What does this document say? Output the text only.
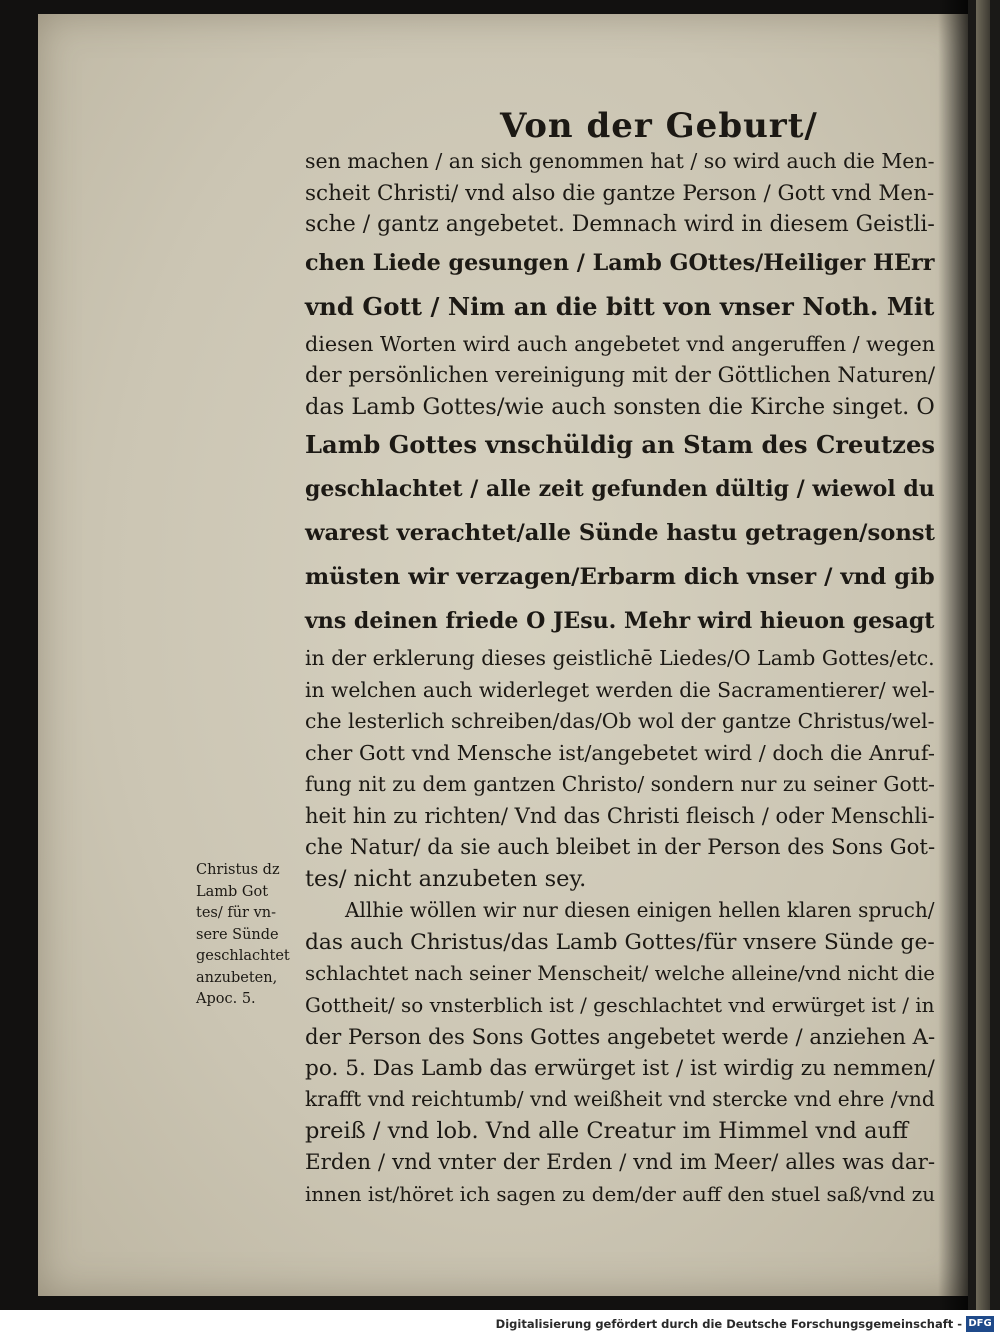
Von der Geburt/
sen machen / an sich genommen hat / so wird auch die Men-
scheit Christi/ vnd also die gantze Person / Gott vnd Men-
sche / gantz angebetet. Demnach wird in diesem Geistli-
chen Liede gesungen / Lamb GOttes/Heiliger HErr
vnd Gott / Nim an die bitt von vnser Noth. Mit
diesen Worten wird auch angebetet vnd angeruffen / wegen
der persönlichen vereinigung mit der Göttlichen Naturen/
das Lamb Gottes/wie auch sonsten die Kirche singet. O
Lamb Gottes vnschüldig an Stam des Creutzes
geschlachtet / alle zeit gefunden dültig / wiewol du
warest verachtet/alle Sünde hastu getragen/sonst
müsten wir verzagen/Erbarm dich vnser / vnd gib
vns deinen friede O JEsu. Mehr wird hieuon gesagt
in der erklerung dieses geistlichē Liedes/O Lamb Gottes/etc.
in welchen auch widerleget werden die Sacramentierer/ wel-
che lesterlich schreiben/das/Ob wol der gantze Christus/wel-
cher Gott vnd Mensche ist/angebetet wird / doch die Anruf-
fung nit zu dem gantzen Christo/ sondern nur zu seiner Gott-
heit hin zu richten/ Vnd das Christi fleisch / oder Menschli-
che Natur/ da sie auch bleibet in der Person des Sons Got-
tes/ nicht anzubeten sey.
Allhie wöllen wir nur diesen einigen hellen klaren spruch/
das auch Christus/das Lamb Gottes/für vnsere Sünde ge-
schlachtet nach seiner Menscheit/ welche alleine/vnd nicht die
Gottheit/ so vnsterblich ist / geschlachtet vnd erwürget ist / in
der Person des Sons Gottes angebetet werde / anziehen A-
po. 5. Das Lamb das erwürget ist / ist wirdig zu nemmen/
krafft vnd reichtumb/ vnd weißheit vnd stercke vnd ehre /vnd
preiß / vnd lob. Vnd alle Creatur im Himmel vnd auff
Erden / vnd vnter der Erden / vnd im Meer/ alles was dar-
innen ist/höret ich sagen zu dem/der auff den stuel saß/vnd zu
Christus dz
Lamb Got
tes/ für vn-
sere Sünde
geschlachtet
anzubeten,
Apoc. 5.
Digitalisierung gefördert durch die Deutsche Forschungsgemeinschaft - DFG
